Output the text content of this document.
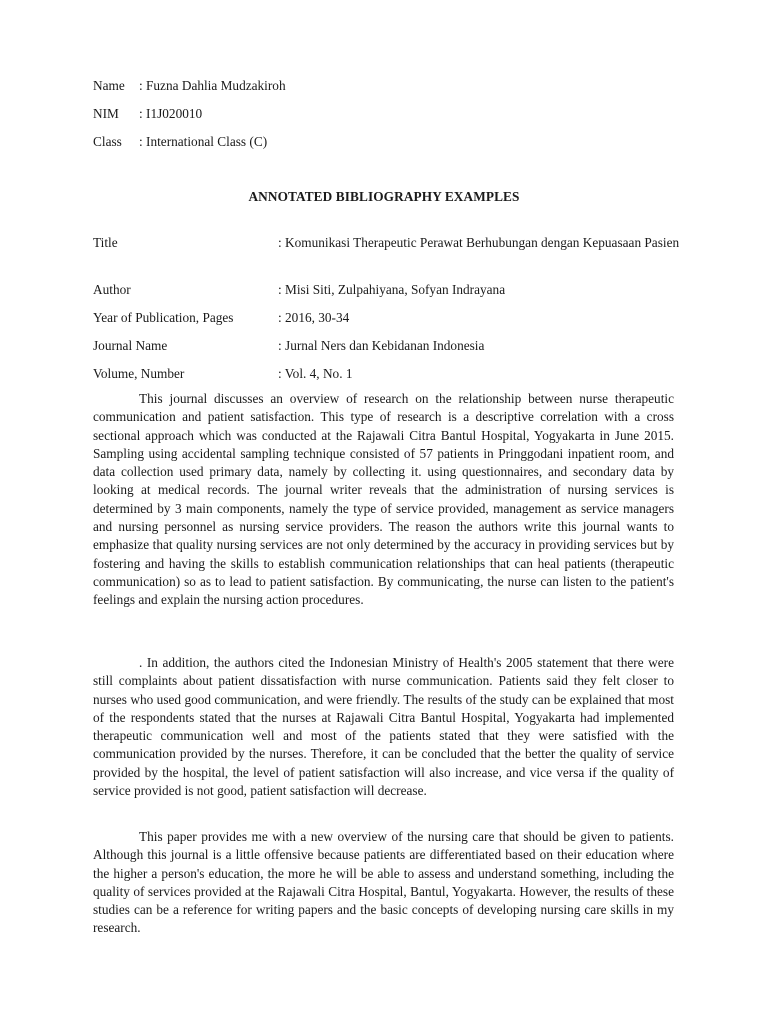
Name : Fuzna Dahlia Mudzakiroh
NIM : I1J020010
Class : International Class (C)
ANNOTATED BIBLIOGRAPHY EXAMPLES
Title	: Komunikasi Therapeutic Perawat Berhubungan dengan Kepuasaan Pasien
Author	: Misi Siti, Zulpahiyana, Sofyan Indrayana
Year of Publication, Pages	: 2016, 30-34
Journal Name	: Jurnal Ners dan Kebidanan Indonesia
Volume, Number	: Vol. 4, No. 1

This journal discusses an overview of research on the relationship between nurse therapeutic communication and patient satisfaction. This type of research is a descriptive correlation with a cross sectional approach which was conducted at the Rajawali Citra Bantul Hospital, Yogyakarta in June 2015. Sampling using accidental sampling technique consisted of 57 patients in Pringgodani inpatient room, and data collection used primary data, namely by collecting it. using questionnaires, and secondary data by looking at medical records. The journal writer reveals that the administration of nursing services is determined by 3 main components, namely the type of service provided, management as service managers and nursing personnel as nursing service providers. The reason the authors write this journal wants to emphasize that quality nursing services are not only determined by the accuracy in providing services but by fostering and having the skills to establish communication relationships that can heal patients (therapeutic communication) so as to lead to patient satisfaction. By communicating, the nurse can listen to the patient's feelings and explain the nursing action procedures.

. In addition, the authors cited the Indonesian Ministry of Health's 2005 statement that there were still complaints about patient dissatisfaction with nurse communication. Patients said they felt closer to nurses who used good communication, and were friendly. The results of the study can be explained that most of the respondents stated that the nurses at Rajawali Citra Bantul Hospital, Yogyakarta had implemented therapeutic communication well and most of the patients stated that they were satisfied with the communication provided by the nurses. Therefore, it can be concluded that the better the quality of service provided by the hospital, the level of patient satisfaction will also increase, and vice versa if the quality of service provided is not good, patient satisfaction will decrease.

This paper provides me with a new overview of the nursing care that should be given to patients. Although this journal is a little offensive because patients are differentiated based on their education where the higher a person's education, the more he will be able to assess and understand something, including the quality of services provided at the Rajawali Citra Hospital, Bantul, Yogyakarta. However, the results of these studies can be a reference for writing papers and the basic concepts of developing nursing care skills in my research.
